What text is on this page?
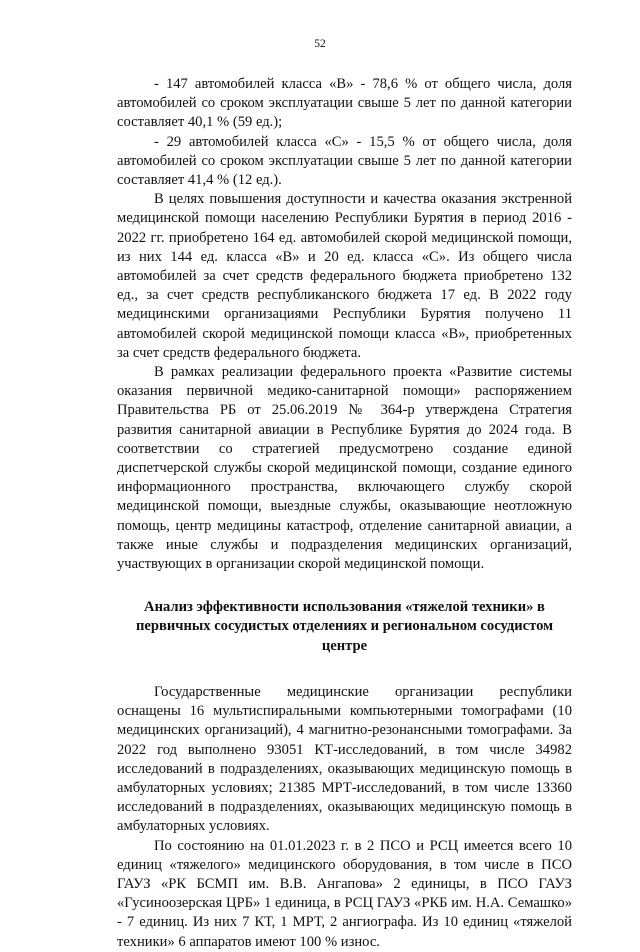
52

- 147 автомобилей класса «В» - 78,6 % от общего числа, доля автомобилей со сроком эксплуатации свыше 5 лет по данной категории составляет 40,1 % (59 ед.);

- 29 автомобилей класса «С» - 15,5 % от общего числа, доля автомобилей со сроком эксплуатации свыше 5 лет по данной категории составляет 41,4 % (12 ед.).

В целях повышения доступности и качества оказания экстренной медицинской помощи населению Республики Бурятия в период 2016 - 2022 гг. приобретено 164 ед. автомобилей скорой медицинской помощи, из них 144 ед. класса «В» и 20 ед. класса «С». Из общего числа автомобилей за счет средств федерального бюджета приобретено 132 ед., за счет средств республиканского бюджета 17 ед. В 2022 году медицинскими организациями Республики Бурятия получено 11 автомобилей скорой медицинской помощи класса «В», приобретенных за счет средств федерального бюджета.

В рамках реализации федерального проекта «Развитие системы оказания первичной медико-санитарной помощи» распоряжением Правительства РБ от 25.06.2019 № 364-р утверждена Стратегия развития санитарной авиации в Республике Бурятия до 2024 года. В соответствии со стратегией предусмотрено создание единой диспетчерской службы скорой медицинской помощи, создание единого информационного пространства, включающего службу скорой медицинской помощи, выездные службы, оказывающие неотложную помощь, центр медицины катастроф, отделение санитарной авиации, а также иные службы и подразделения медицинских организаций, участвующих в организации скорой медицинской помощи.

Анализ эффективности использования «тяжелой техники» в первичных сосудистых отделениях и региональном сосудистом центре

Государственные медицинские организации республики оснащены 16 мультиспиральными компьютерными томографами (10 медицинских организаций), 4 магнитно-резонансными томографами. За 2022 год выполнено 93051 КТ-исследований, в том числе 34982 исследований в подразделениях, оказывающих медицинскую помощь в амбулаторных условиях; 21385 МРТ-исследований, в том числе 13360 исследований в подразделениях, оказывающих медицинскую помощь в амбулаторных условиях.

По состоянию на 01.01.2023 г. в 2 ПСО и РСЦ имеется всего 10 единиц «тяжелого» медицинского оборудования, в том числе в ПСО ГАУЗ «РК БСМП им. В.В. Ангапова» 2 единицы, в ПСО ГАУЗ «Гусиноозерская ЦРБ» 1 единица, в РСЦ ГАУЗ «РКБ им. Н.А. Семашко» - 7 единиц. Из них 7 КТ, 1 МРТ, 2 ангиографа. Из 10 единиц «тяжелой техники» 6 аппаратов имеют 100 % износ.
